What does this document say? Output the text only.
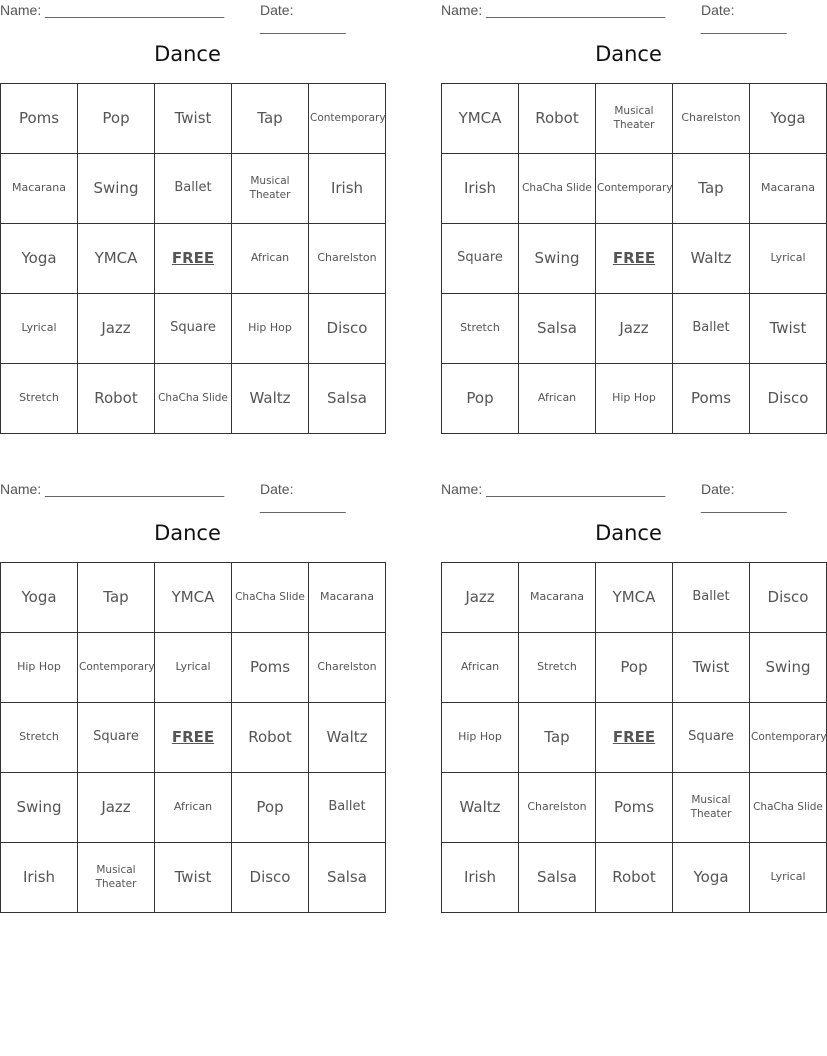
Name: _______________________	Date: ___________
Dance
Poms	Pop	Twist	Tap	Contemporary
Macarana	Swing	Ballet	Musical Theater	Irish
Yoga	YMCA	FREE	African	Charelston
Lyrical	Jazz	Square	Hip Hop	Disco
Stretch	Robot	ChaCha Slide	Waltz	Salsa
Name: _______________________	Date: ___________
Dance
YMCA	Robot	Musical Theater	Charelston	Yoga
Irish	ChaCha Slide	Contemporary	Tap	Macarana
Square	Swing	FREE	Waltz	Lyrical
Stretch	Salsa	Jazz	Ballet	Twist
Pop	African	Hip Hop	Poms	Disco
Name: _______________________	Date: ___________
Dance
Yoga	Tap	YMCA	ChaCha Slide	Macarana
Hip Hop	Contemporary	Lyrical	Poms	Charelston
Stretch	Square	FREE	Robot	Waltz
Swing	Jazz	African	Pop	Ballet
Irish	Musical Theater	Twist	Disco	Salsa
Name: _______________________	Date: ___________
Dance
Jazz	Macarana	YMCA	Ballet	Disco
African	Stretch	Pop	Twist	Swing
Hip Hop	Tap	FREE	Square	Contemporary
Waltz	Charelston	Poms	Musical Theater	ChaCha Slide
Irish	Salsa	Robot	Yoga	Lyrical
